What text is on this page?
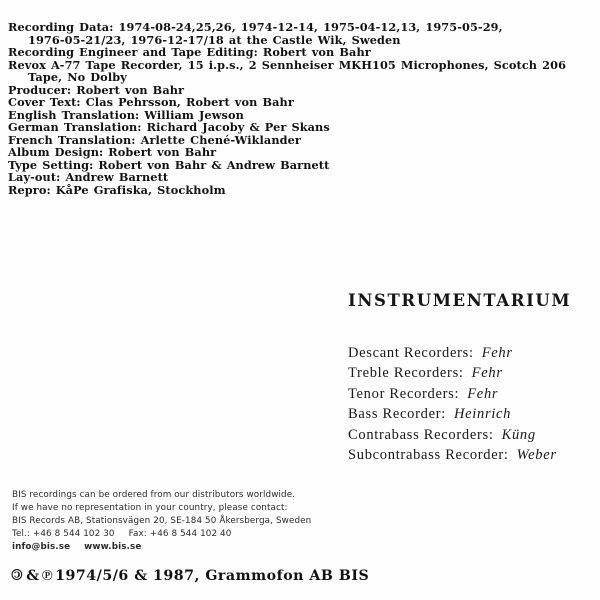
Recording Data: 1974-08-24,25,26, 1974-12-14, 1975-04-12,13, 1975-05-29,
1976-05-21/23, 1976-12-17/18 at the Castle Wik, Sweden
Recording Engineer and Tape Editing: Robert von Bahr
Revox A-77 Tape Recorder, 15 i.p.s., 2 Sennheiser MKH105 Microphones, Scotch 206
Tape, No Dolby
Producer: Robert von Bahr
Cover Text: Clas Pehrsson, Robert von Bahr
English Translation: William Jewson
German Translation: Richard Jacoby & Per Skans
French Translation: Arlette Chené-Wiklander
Album Design: Robert von Bahr
Type Setting: Robert von Bahr & Andrew Barnett
Lay-out: Andrew Barnett
Repro: KåPe Grafiska, Stockholm
INSTRUMENTARIUM
Descant Recorders: Fehr
Treble Recorders: Fehr
Tenor Recorders: Fehr
Bass Recorder: Heinrich
Contrabass Recorders: Küng
Subcontrabass Recorder: Weber
BIS recordings can be ordered from our distributors worldwide.
If we have no representation in your country, please contact:
BIS Records AB, Stationsvägen 20, SE-184 50 Åkersberga, Sweden
Tel.: +46 8 544 102 30 Fax: +46 8 544 102 40
info@bis.se www.bis.se
© & ℗ 1974/5/6 & 1987, Grammofon AB BIS
